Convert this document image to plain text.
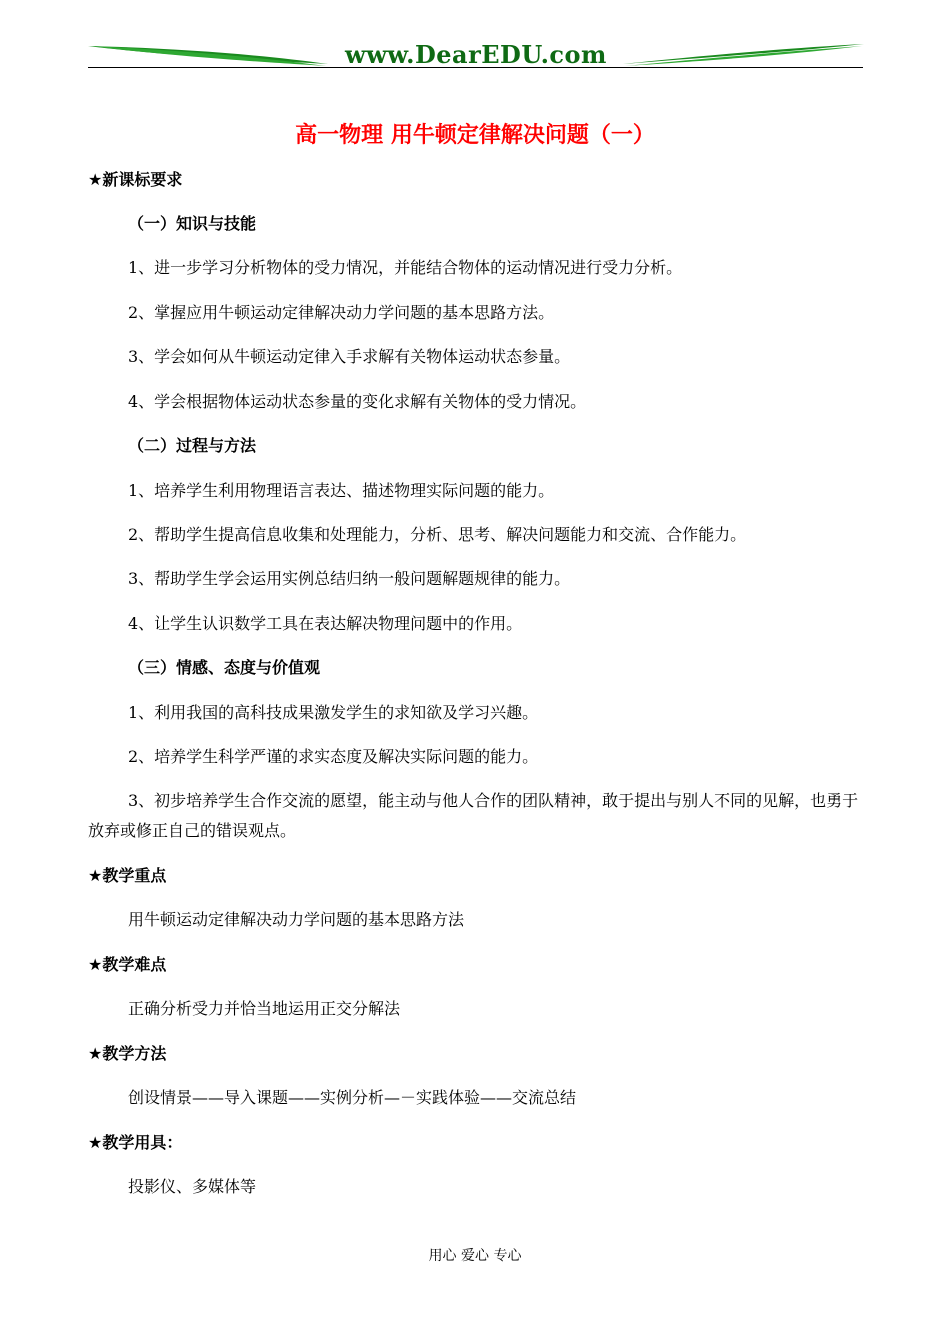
www.DearEDU.com
高一物理 用牛顿定律解决问题（一）
★新课标要求
（一）知识与技能
1、进一步学习分析物体的受力情况，并能结合物体的运动情况进行受力分析。
2、掌握应用牛顿运动定律解决动力学问题的基本思路方法。
3、学会如何从牛顿运动定律入手求解有关物体运动状态参量。
4、学会根据物体运动状态参量的变化求解有关物体的受力情况。
（二）过程与方法
1、培养学生利用物理语言表达、描述物理实际问题的能力。
2、帮助学生提高信息收集和处理能力，分析、思考、解决问题能力和交流、合作能力。
3、帮助学生学会运用实例总结归纳一般问题解题规律的能力。
4、让学生认识数学工具在表达解决物理问题中的作用。
（三）情感、态度与价值观
1、利用我国的高科技成果激发学生的求知欲及学习兴趣。
2、培养学生科学严谨的求实态度及解决实际问题的能力。
3、初步培养学生合作交流的愿望，能主动与他人合作的团队精神，敢于提出与别人不同的见解，也勇于放弃或修正自己的错误观点。
★教学重点
用牛顿运动定律解决动力学问题的基本思路方法
★教学难点
正确分析受力并恰当地运用正交分解法
★教学方法
创设情景——导入课题——实例分析—－实践体验——交流总结
★教学用具：
投影仪、多媒体等
用心 爱心 专心
